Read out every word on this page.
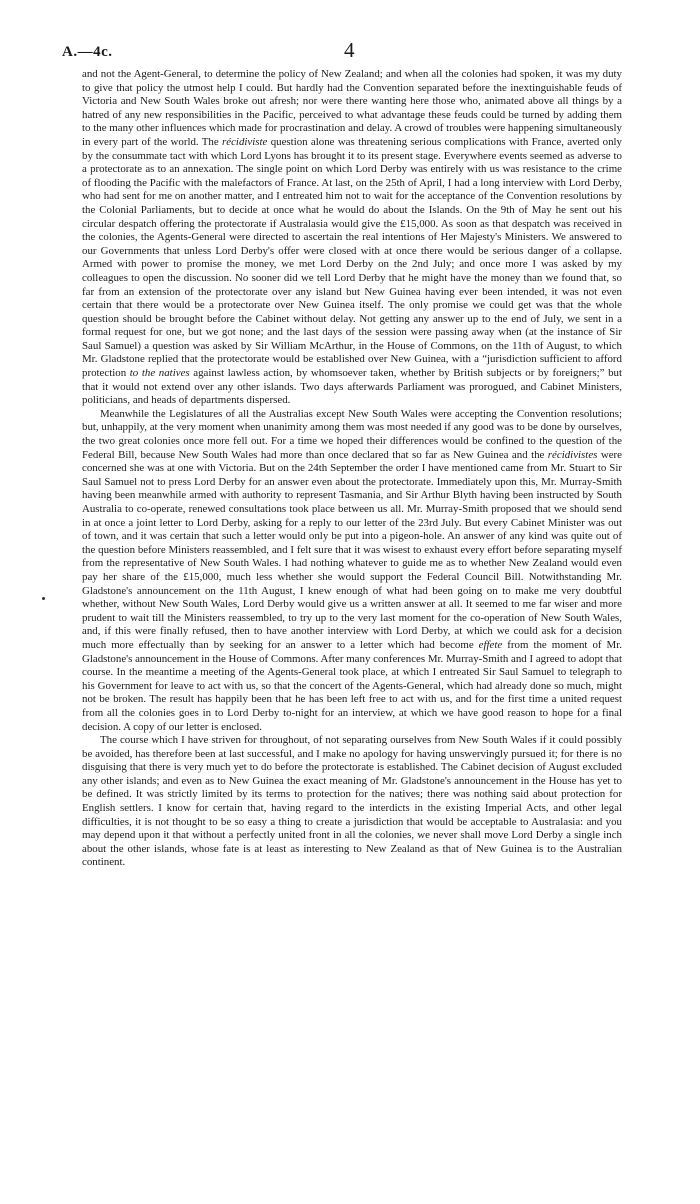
A.—4c.	4

and not the Agent-General, to determine the policy of New Zealand; and when all the colonies had spoken, it was my duty to give that policy the utmost help I could. But hardly had the Convention separated before the inextinguishable feuds of Victoria and New South Wales broke out afresh; nor were there wanting here those who, animated above all things by a hatred of any new responsibilities in the Pacific, perceived to what advantage these feuds could be turned by adding them to the many other influences which made for procrastination and delay. A crowd of troubles were happening simultaneously in every part of the world. The récidiviste question alone was threatening serious complications with France, averted only by the consummate tact with which Lord Lyons has brought it to its present stage. Everywhere events seemed as adverse to a protectorate as to an annexation. The single point on which Lord Derby was entirely with us was resistance to the crime of flooding the Pacific with the malefactors of France. At last, on the 25th of April, I had a long interview with Lord Derby, who had sent for me on another matter, and I entreated him not to wait for the acceptance of the Convention resolutions by the Colonial Parliaments, but to decide at once what he would do about the Islands. On the 9th of May he sent out his circular despatch offering the protectorate if Australasia would give the £15,000. As soon as that despatch was received in the colonies, the Agents-General were directed to ascertain the real intentions of Her Majesty's Ministers. We answered to our Governments that unless Lord Derby's offer were closed with at once there would be serious danger of a collapse. Armed with power to promise the money, we met Lord Derby on the 2nd July; and once more I was asked by my colleagues to open the discussion. No sooner did we tell Lord Derby that he might have the money than we found that, so far from an extension of the protectorate over any island but New Guinea having ever been intended, it was not even certain that there would be a protectorate over New Guinea itself. The only promise we could get was that the whole question should be brought before the Cabinet without delay. Not getting any answer up to the end of July, we sent in a formal request for one, but we got none; and the last days of the session were passing away when (at the instance of Sir Saul Samuel) a question was asked by Sir William McArthur, in the House of Commons, on the 11th of August, to which Mr. Gladstone replied that the protectorate would be established over New Guinea, with a “jurisdiction sufficient to afford protection to the natives against lawless action, by whomsoever taken, whether by British subjects or by foreigners;” but that it would not extend over any other islands. Two days afterwards Parliament was prorogued, and Cabinet Ministers, politicians, and heads of departments dispersed.

Meanwhile the Legislatures of all the Australias except New South Wales were accepting the Convention resolutions; but, unhappily, at the very moment when unanimity among them was most needed if any good was to be done by ourselves, the two great colonies once more fell out. For a time we hoped their differences would be confined to the question of the Federal Bill, because New South Wales had more than once declared that so far as New Guinea and the récidivistes were concerned she was at one with Victoria. But on the 24th September the order I have mentioned came from Mr. Stuart to Sir Saul Samuel not to press Lord Derby for an answer even about the protectorate. Immediately upon this, Mr. Murray-Smith having been meanwhile armed with authority to represent Tasmania, and Sir Arthur Blyth having been instructed by South Australia to co-operate, renewed consultations took place between us all. Mr. Murray-Smith proposed that we should send in at once a joint letter to Lord Derby, asking for a reply to our letter of the 23rd July. But every Cabinet Minister was out of town, and it was certain that such a letter would only be put into a pigeon-hole. An answer of any kind was quite out of the question before Ministers reassembled, and I felt sure that it was wisest to exhaust every effort before separating myself from the representative of New South Wales. I had nothing whatever to guide me as to whether New Zealand would even pay her share of the £15,000, much less whether she would support the Federal Council Bill. Notwithstanding Mr. Gladstone's announcement on the 11th August, I knew enough of what had been going on to make me very doubtful whether, without New South Wales, Lord Derby would give us a written answer at all. It seemed to me far wiser and more prudent to wait till the Ministers reassembled, to try up to the very last moment for the co-operation of New South Wales, and, if this were finally refused, then to have another interview with Lord Derby, at which we could ask for a decision much more effectually than by seeking for an answer to a letter which had become effete from the moment of Mr. Gladstone's announcement in the House of Commons. After many conferences Mr. Murray-Smith and I agreed to adopt that course. In the meantime a meeting of the Agents-General took place, at which I entreated Sir Saul Samuel to telegraph to his Government for leave to act with us, so that the concert of the Agents-General, which had already done so much, might not be broken. The result has happily been that he has been left free to act with us, and for the first time a united request from all the colonies goes in to Lord Derby to-night for an interview, at which we have good reason to hope for a final decision. A copy of our letter is enclosed.

The course which I have striven for throughout, of not separating ourselves from New South Wales if it could possibly be avoided, has therefore been at last successful, and I make no apology for having unswervingly pursued it; for there is no disguising that there is very much yet to do before the protectorate is established. The Cabinet decision of August excluded any other islands; and even as to New Guinea the exact meaning of Mr. Gladstone's announcement in the House has yet to be defined. It was strictly limited by its terms to protection for the natives; there was nothing said about protection for English settlers. I know for certain that, having regard to the interdicts in the existing Imperial Acts, and other legal difficulties, it is not thought to be so easy a thing to create a jurisdiction that would be acceptable to Australasia: and you may depend upon it that without a perfectly united front in all the colonies, we never shall move Lord Derby a single inch about the other islands, whose fate is at least as interesting to New Zealand as that of New Guinea is to the Australian continent.
